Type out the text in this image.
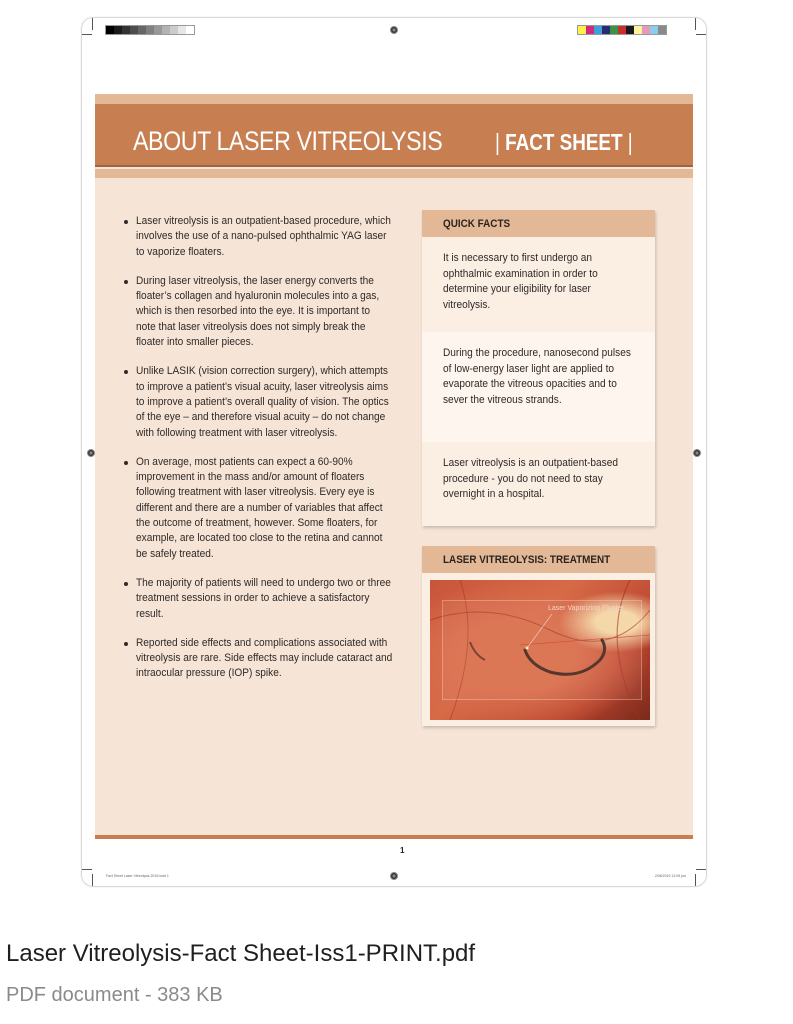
ABOUT LASER VITREOLYSIS | FACT SHEET |
Laser vitreolysis is an outpatient-based procedure, which involves the use of a nano-pulsed ophthalmic YAG laser to vaporize floaters.
During laser vitreolysis, the laser energy converts the floater’s collagen and hyaluronin molecules into a gas, which is then resorbed into the eye. It is important to note that laser vitreolysis does not simply break the floater into smaller pieces.
Unlike LASIK (vision correction surgery), which attempts to improve a patient’s visual acuity, laser vitreolysis aims to improve a patient’s overall quality of vision. The optics of the eye – and therefore visual acuity – do not change with following treatment with laser vitreolysis.
On average, most patients can expect a 60-90% improvement in the mass and/or amount of floaters following treatment with laser vitreolysis. Every eye is different and there are a number of variables that affect the outcome of treatment, however. Some floaters, for example, are located too close to the retina and cannot be safely treated.
The majority of patients will need to undergo two or three treatment sessions in order to achieve a satisfactory result.
Reported side effects and complications associated with vitreolysis are rare. Side effects may include cataract and intraocular pressure (IOP) spike.
QUICK FACTS
It is necessary to first undergo an ophthalmic examination in order to determine your eligibility for laser vitreolysis.
During the procedure, nanosecond pulses of low-energy laser light are applied to evaporate the vitreous opacities and to sever the vitreous strands.
Laser vitreolysis is an outpatient-based procedure - you do not need to stay overnight in a hospital.
LASER VITREOLYSIS: TREATMENT
Laser Vaporizing Floater
1
Fact Sheet Laser Vitreolysis 2015.indd 1	2/06/2015 12:05 pm
Laser Vitreolysis-Fact Sheet-Iss1-PRINT.pdf
PDF document - 383 KB
